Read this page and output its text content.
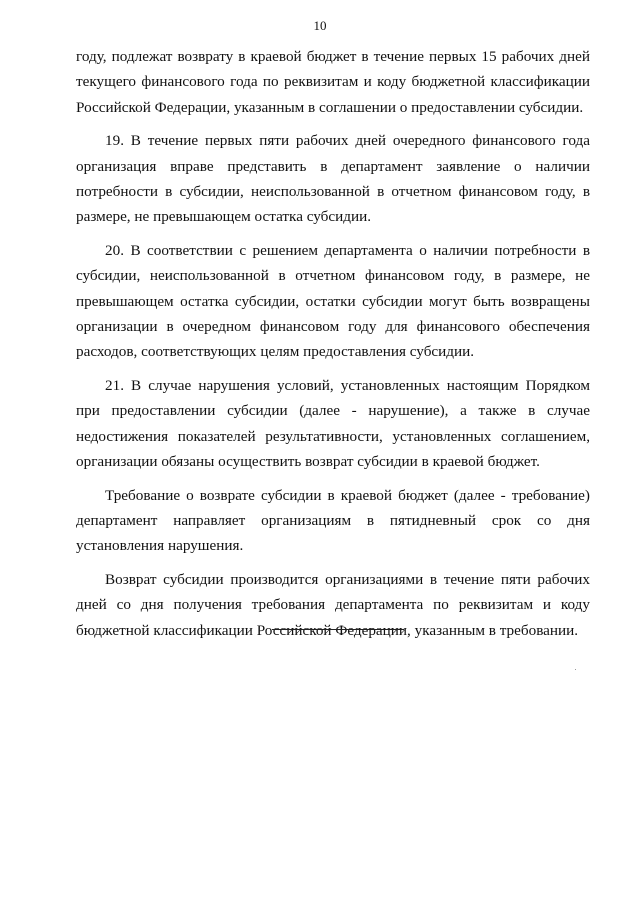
10

году, подлежат возврату в краевой бюджет в течение первых 15 рабочих дней текущего финансового года по реквизитам и коду бюджетной классификации Российской Федерации, указанным в соглашении о предоставлении субсидии.

19. В течение первых пяти рабочих дней очередного финансового года организация вправе представить в департамент заявление о наличии потребности в субсидии, неиспользованной в отчетном финансовом году, в размере, не превышающем остатка субсидии.

20. В соответствии с решением департамента о наличии потребности в субсидии, неиспользованной в отчетном финансовом году, в размере, не превышающем остатка субсидии, остатки субсидии могут быть возвращены организации в очередном финансовом году для финансового обеспечения расходов, соответствующих целям предоставления субсидии.

21. В случае нарушения условий, установленных настоящим Порядком при предоставлении субсидии (далее - нарушение), а также в случае недостижения показателей результативности, установленных соглашением, организации обязаны осуществить возврат субсидии в краевой бюджет.

Требование о возврате субсидии в краевой бюджет (далее - требование) департамент направляет организациям в пятидневный срок со дня установления нарушения.

Возврат субсидии производится организациями в течение пяти рабочих дней со дня получения требования департамента по реквизитам и коду бюджетной классификации Российской Федерации, указанным в требовании.
